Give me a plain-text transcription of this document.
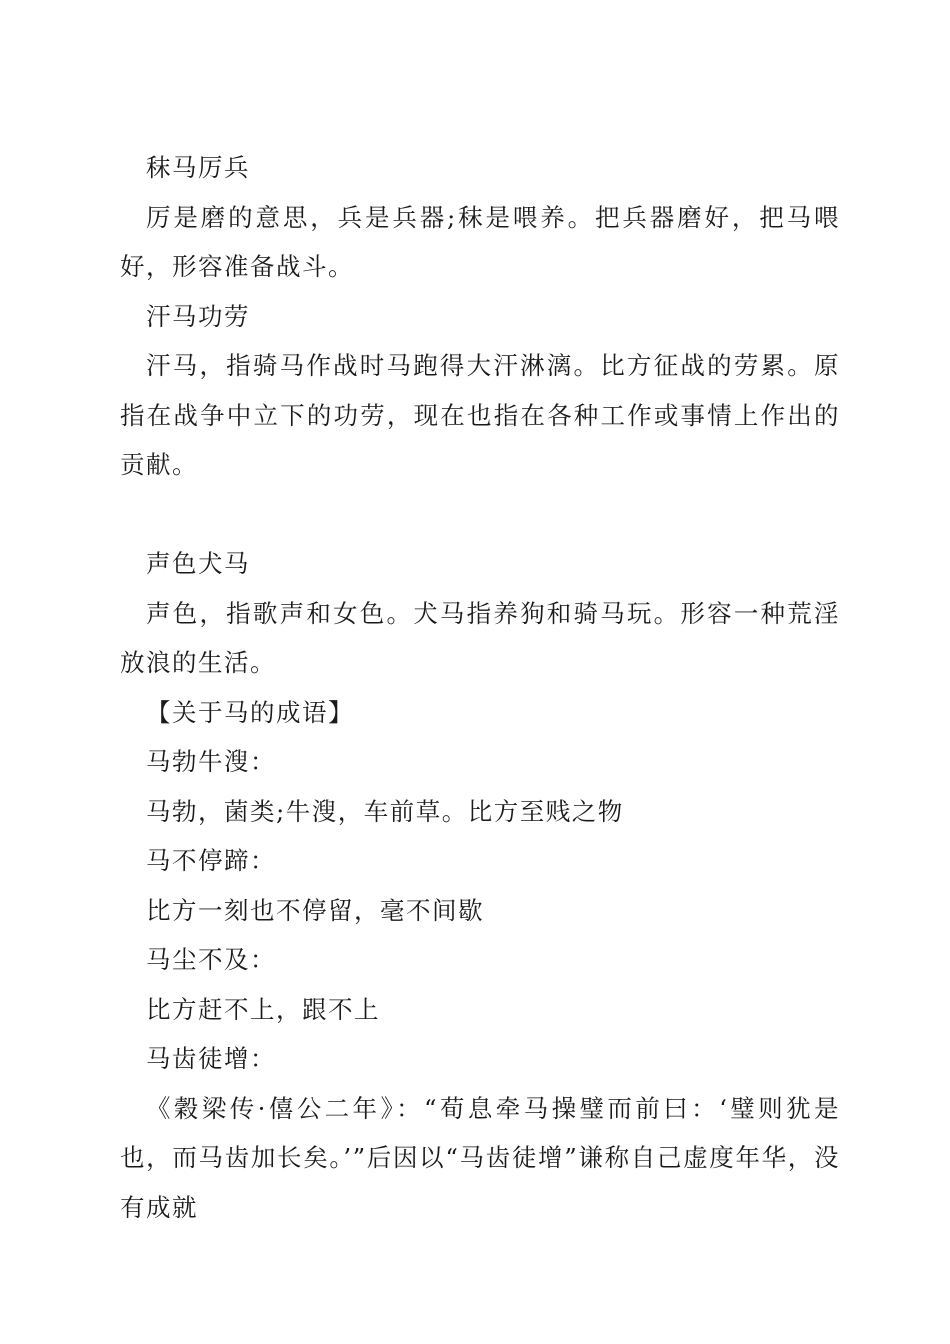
秣马厉兵

厉是磨的意思，兵是兵器;秣是喂养。把兵器磨好，把马喂好，形容准备战斗。

汗马功劳

汗马，指骑马作战时马跑得大汗淋漓。比方征战的劳累。原指在战争中立下的功劳，现在也指在各种工作或事情上作出的贡献。

声色犬马

声色，指歌声和女色。犬马指养狗和骑马玩。形容一种荒淫放浪的生活。

【关于马的成语】

马勃牛溲：

马勃，菌类;牛溲，车前草。比方至贱之物

马不停蹄：

比方一刻也不停留，毫不间歇

马尘不及：

比方赶不上，跟不上

马齿徒增：

《穀梁传·僖公二年》：“荀息牵马操璧而前曰：‘璧则犹是也，而马齿加长矣。’”后因以“马齿徒增”谦称自己虚度年华，没有成就
